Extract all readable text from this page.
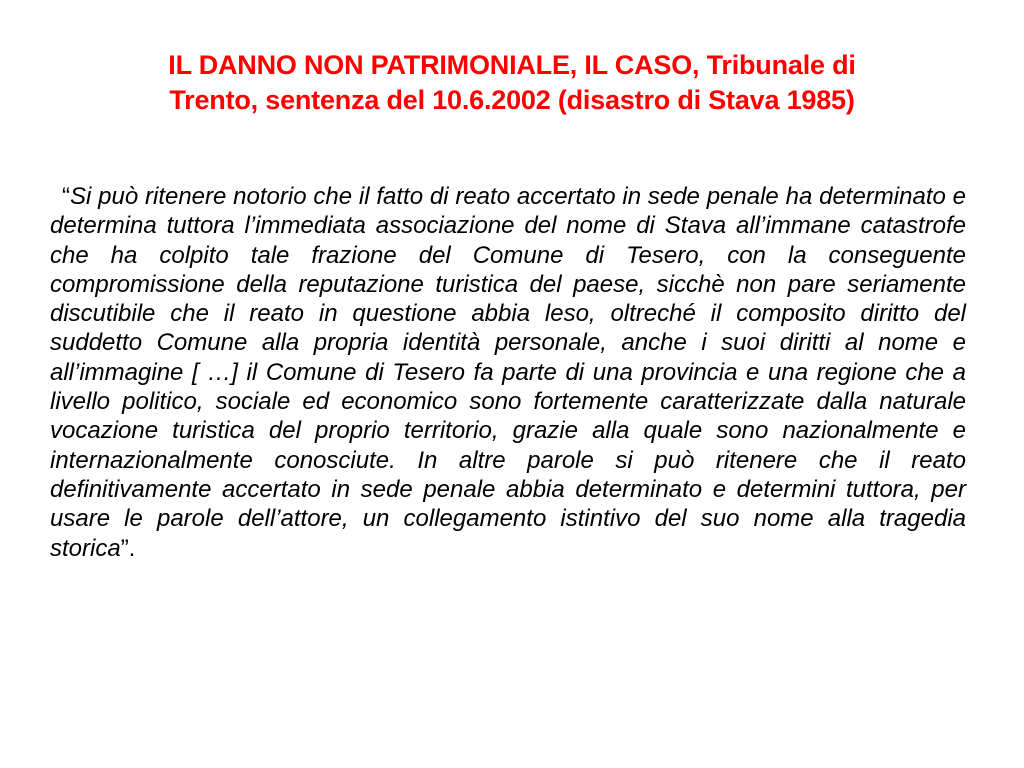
IL DANNO NON PATRIMONIALE, IL CASO, Tribunale di
Trento, sentenza del 10.6.2002 (disastro di Stava 1985)

“Si può ritenere notorio che il fatto di reato accertato in sede penale ha determinato e determina tuttora l’immediata associazione del nome di Stava all’immane catastrofe che ha colpito tale frazione del Comune di Tesero, con la conseguente compromissione della reputazione turistica del paese, sicchè non pare seriamente discutibile che il reato in questione abbia leso, oltreché il composito diritto del suddetto Comune alla propria identità personale, anche i suoi diritti al nome e all’immagine [ …] il Comune di Tesero fa parte di una provincia e una regione che a livello politico, sociale ed economico sono fortemente caratterizzate dalla naturale vocazione turistica del proprio territorio, grazie alla quale sono nazionalmente e internazionalmente conosciute. In altre parole si può ritenere che il reato definitivamente accertato in sede penale abbia determinato e determini tuttora, per usare le parole dell’attore, un collegamento istintivo del suo nome alla tragedia storica”.
